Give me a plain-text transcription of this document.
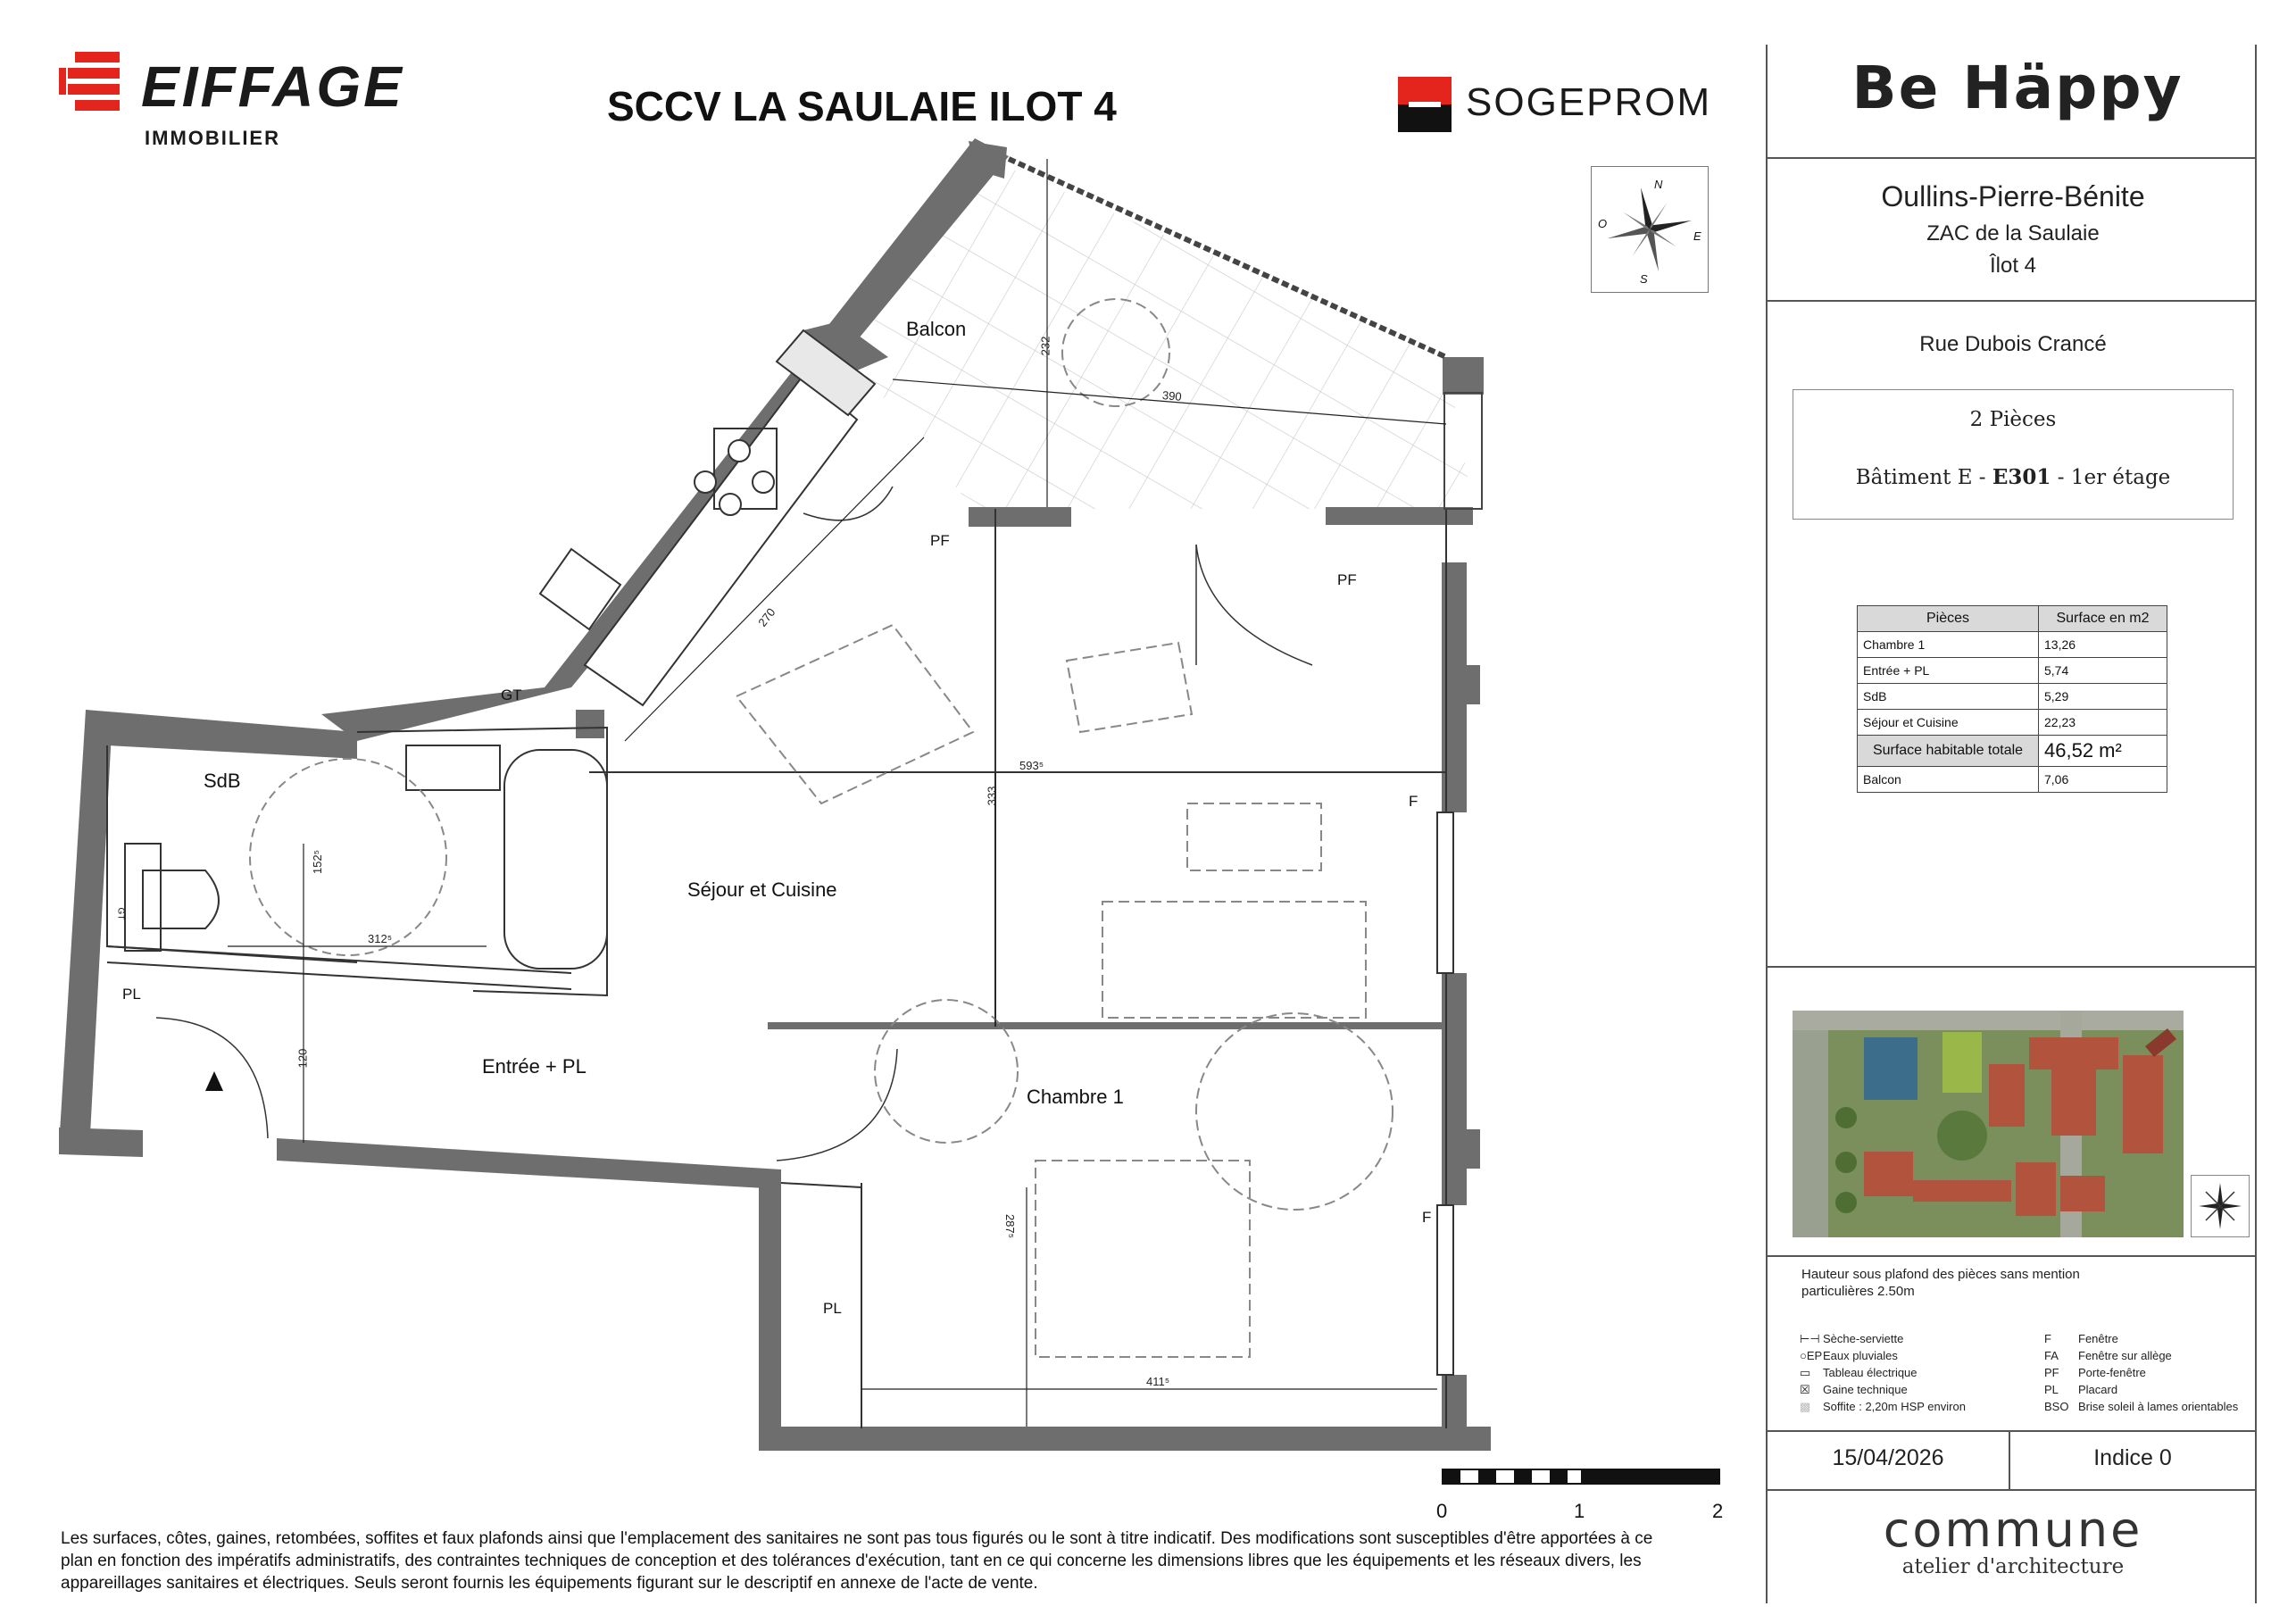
EIFFAGE
IMMOBILIER
SCCV LA SAULAIE ILOT 4	SOGEPROM Be Häppy
Oullins-Pierre-Bénite
ZAC de la Saulaie
Îlot 4
Rue Dubois Crancé
2 Pièces
Bâtiment E - E301 - 1er étage
Pièces	Surface en m2
Chambre 1	13,26
Entrée + PL	5,74
SdB	5,29
Séjour et Cuisine	22,23
Surface habitable totale	46,52 m²
Balcon	7,06
Hauteur sous plafond des pièces sans mention particulières 2.50m
⊢⊣ Sèche-serviette
○EPEaux pluviales
▭ Tableau électrique
☒ Gaine technique
▩ Soffite : 2,20m HSP environ
F Fenêtre
FA Fenêtre sur allège
PF Porte-fenêtre
PL Placard
BSO Brise soleil à lames orientables
15/04/2026	Indice 0
commune
atelier d'architecture
N
S
E
O
0	1	2
Balcon
Séjour et Cuisine
Chambre 1
SdB
Entrée + PL
GT
GT
PL
PL
PF
PF
F
F
232
390
270
593⁵
333
152⁵
312⁵
120
287⁵
411⁵
Les surfaces, côtes, gaines, retombées, soffites et faux plafonds ainsi que l'emplacement des sanitaires ne sont pas tous figurés ou le sont à titre indicatif. Des modifications sont susceptibles d'être apportées à ce plan en fonction des impératifs administratifs, des contraintes techniques de conception et des tolérances d'exécution, tant en ce qui concerne les dimensions libres que les équipements et les réseaux divers, les appareillages sanitaires et électriques. Seuls seront fournis les équipements figurant sur le descriptif en annexe de l'acte de vente.
